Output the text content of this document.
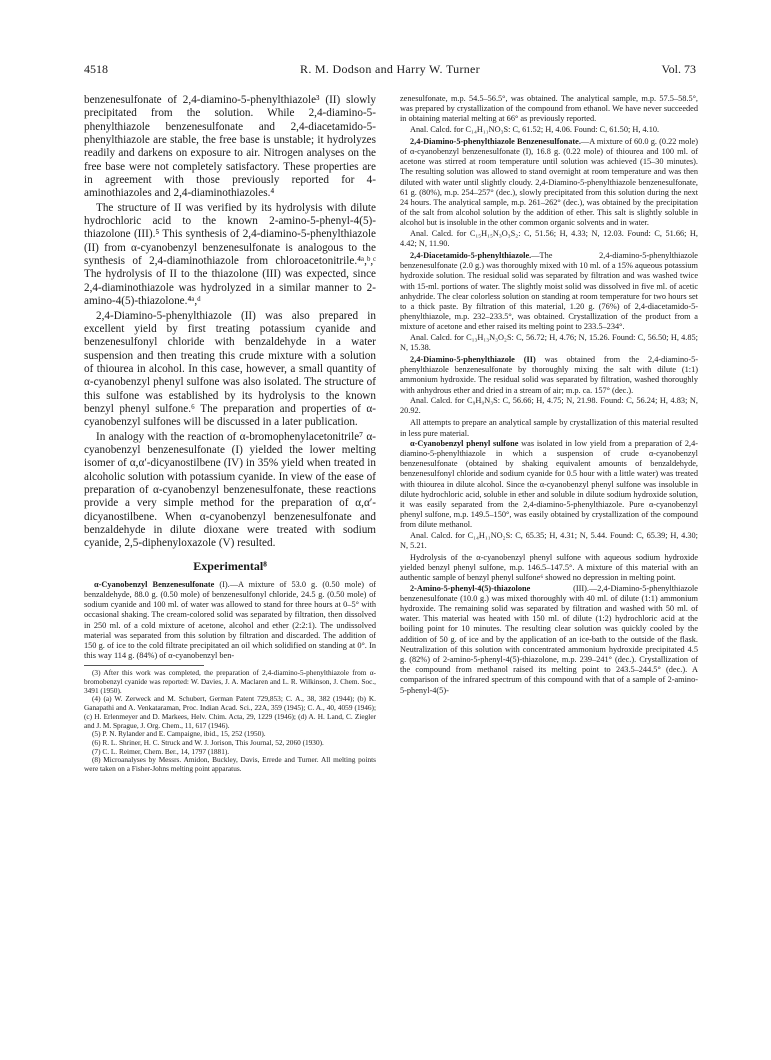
4518	R. M. Dodson and Harry W. Turner	Vol. 73

benzenesulfonate of 2,4-diamino-5-phenylthiazole³ (II) slowly precipitated from the solution. While 2,4-diamino-5-phenylthiazole benzenesulfonate and 2,4-diacetamido-5-phenylthiazole are stable, the free base is unstable; it hydrolyzes readily and darkens on exposure to air. Nitrogen analyses on the free base were not completely satisfactory. These properties are in agreement with those previously reported for 4-aminothiazoles and 2,4-diaminothiazoles.⁴

The structure of II was verified by its hydrolysis with dilute hydrochloric acid to the known 2-amino-5-phenyl-4(5)-thiazolone (III).⁵ This synthesis of 2,4-diamino-5-phenylthiazole (II) from α-cyanobenzyl benzenesulfonate is analogous to the synthesis of 2,4-diaminothiazole from chloroacetonitrile.⁴ᵃ,ᵇ,ᶜ The hydrolysis of II to the thiazolone (III) was expected, since 2,4-diaminothiazole was hydrolyzed in a similar manner to 2-amino-4(5)-thiazolone.⁴ᵃ,ᵈ

2,4-Diamino-5-phenylthiazole (II) was also prepared in excellent yield by first treating potassium cyanide and benzenesulfonyl chloride with benzaldehyde in a water suspension and then treating this crude mixture with a solution of thiourea in alcohol. In this case, however, a small quantity of α-cyanobenzyl phenyl sulfone was also isolated. The structure of this sulfone was established by its hydrolysis to the known benzyl phenyl sulfone.⁶ The preparation and properties of α-cyanobenzyl sulfones will be discussed in a later publication.

In analogy with the reaction of α-bromophenylacetonitrile⁷ α-cyanobenzyl benzenesulfonate (I) yielded the lower melting isomer of α,α′-dicyanostilbene (IV) in 35% yield when treated in alcoholic solution with potassium cyanide. In view of the ease of preparation of α-cyanobenzyl benzenesulfonate, these reactions provide a very simple method for the preparation of α,α′-dicyanostilbene. When α-cyanobenzyl benzenesulfonate and benzaldehyde in dilute dioxane were treated with sodium cyanide, 2,5-diphenyloxazole (V) resulted.

Experimental⁸

α-Cyanobenzyl Benzenesulfonate (I).—A mixture of 53.0 g. (0.50 mole) of benzaldehyde, 88.0 g. (0.50 mole) of benzenesulfonyl chloride, 24.5 g. (0.50 mole) of sodium cyanide and 100 ml. of water was allowed to stand for three hours at 0–5° with occasional shaking. The cream-colored solid was separated by filtration, then dissolved in 250 ml. of a cold mixture of acetone, alcohol and ether (2:2:1). The undissolved material was separated from this solution by filtration and discarded. The addition of 150 g. of ice to the cold filtrate precipitated an oil which solidified on standing at 0°. In this way 114 g. (84%) of α-cyanobenzyl ben-

(3) After this work was completed, the preparation of 2,4-diamino-5-phenylthiazole from α-bromobenzyl cyanide was reported: W. Davies, J. A. Maclaren and L. R. Wilkinson, J. Chem. Soc., 3491 (1950).

(4) (a) W. Zerweck and M. Schubert, German Patent 729,853; C. A., 38, 382 (1944); (b) K. Ganapathi and A. Venkataraman, Proc. Indian Acad. Sci., 22A, 359 (1945); C. A., 40, 4059 (1946); (c) H. Erlenmeyer and D. Markees, Helv. Chim. Acta, 29, 1229 (1946); (d) A. H. Land, C. Ziegler and J. M. Sprague, J. Org. Chem., 11, 617 (1946).

(5) P. N. Rylander and E. Campaigne, ibid., 15, 252 (1950).

(6) R. L. Shriner, H. C. Struck and W. J. Jorison, This Journal, 52, 2060 (1930).

(7) C. L. Reimer, Chem. Ber., 14, 1797 (1881).

(8) Microanalyses by Messrs. Amidon, Buckley, Davis, Errede and Turner. All melting points were taken on a Fisher-Johns melting point apparatus.

zenesulfonate, m.p. 54.5–56.5°, was obtained. The analytical sample, m.p. 57.5–58.5°, was prepared by crystallization of the compound from ethanol. We have never succeeded in obtaining material melting at 66° as previously reported.

Anal. Calcd. for C₁₄H₁₁NO₃S: C, 61.52; H, 4.06. Found: C, 61.50; H, 4.10.

2,4-Diamino-5-phenylthiazole Benzenesulfonate.—A mixture of 60.0 g. (0.22 mole) of α-cyanobenzyl benzenesulfonate (I), 16.8 g. (0.22 mole) of thiourea and 100 ml. of acetone was stirred at room temperature until solution was achieved (15–30 minutes). The resulting solution was allowed to stand overnight at room temperature and was then diluted with water until slightly cloudy. 2,4-Diamino-5-phenylthiazole benzenesulfonate, 61 g. (80%), m.p. 254–257° (dec.), slowly precipitated from this solution during the next 24 hours. The analytical sample, m.p. 261–262° (dec.), was obtained by the precipitation of the salt from alcohol solution by the addition of ether. This salt is slightly soluble in alcohol but is insoluble in the other common organic solvents and in water.

Anal. Calcd. for C₁₅H₁₅N₃O₃S₂: C, 51.56; H, 4.33; N, 12.03. Found: C, 51.66; H, 4.42; N, 11.90.

2,4-Diacetamido-5-phenylthiazole.—The 2,4-diamino-5-phenylthiazole benzenesulfonate (2.0 g.) was thoroughly mixed with 10 ml. of a 15% aqueous potassium hydroxide solution. The residual solid was separated by filtration and was washed twice with 15-ml. portions of water. The slightly moist solid was dissolved in five ml. of acetic anhydride. The clear colorless solution on standing at room temperature for two hours set to a thick paste. By filtration of this material, 1.20 g. (76%) of 2,4-diacetamido-5-phenylthiazole, m.p. 232–233.5°, was obtained. Crystallization of the product from a mixture of acetone and ether raised its melting point to 233.5–234°.

Anal. Calcd. for C₁₃H₁₃N₃O₂S: C, 56.72; H, 4.76; N, 15.26. Found: C, 56.50; H, 4.85; N, 15.38.

2,4-Diamino-5-phenylthiazole (II) was obtained from the 2,4-diamino-5-phenylthiazole benzenesulfonate by thoroughly mixing the salt with dilute (1:1) ammonium hydroxide. The residual solid was separated by filtration, washed thoroughly with anhydrous ether and dried in a stream of air; m.p. ca. 157° (dec.).

Anal. Calcd. for C₉H₉N₃S: C, 56.66; H, 4.75; N, 21.98. Found: C, 56.24; H, 4.83; N, 20.92.

All attempts to prepare an analytical sample by crystallization of this material resulted in less pure material.

α-Cyanobenzyl phenyl sulfone was isolated in low yield from a preparation of 2,4-diamino-5-phenylthiazole in which a suspension of crude α-cyanobenzyl benzenesulfonate (obtained by shaking equivalent amounts of benzaldehyde, benzenesulfonyl chloride and sodium cyanide for 0.5 hour with a little water) was treated with thiourea in dilute alcohol. Since the α-cyanobenzyl phenyl sulfone was insoluble in dilute hydrochloric acid, soluble in ether and soluble in dilute sodium hydroxide solution, it was easily separated from the 2,4-diamino-5-phenylthiazole. Pure α-cyanobenzyl phenyl sulfone, m.p. 149.5–150°, was easily obtained by crystallization of the compound from dilute methanol.

Anal. Calcd. for C₁₄H₁₁NO₂S: C, 65.35; H, 4.31; N, 5.44. Found: C, 65.39; H, 4.30; N, 5.21.

Hydrolysis of the α-cyanobenzyl phenyl sulfone with aqueous sodium hydroxide yielded benzyl phenyl sulfone, m.p. 146.5–147.5°. A mixture of this material with an authentic sample of benzyl phenyl sulfone⁶ showed no depression in melting point.

2-Amino-5-phenyl-4(5)-thiazolone (III).—2,4-Diamino-5-phenylthiazole benzenesulfonate (10.0 g.) was mixed thoroughly with 40 ml. of dilute (1:1) ammonium hydroxide. The remaining solid was separated by filtration and washed with 50 ml. of water. This material was heated with 150 ml. of dilute (1:2) hydrochloric acid at the boiling point for 10 minutes. The resulting clear solution was quickly cooled by the addition of 50 g. of ice and by the application of an ice-bath to the outside of the flask. Neutralization of this solution with concentrated ammonium hydroxide precipitated 4.5 g. (82%) of 2-amino-5-phenyl-4(5)-thiazolone, m.p. 239–241° (dec.). Crystallization of the compound from methanol raised its melting point to 243.5–244.5° (dec.). A comparison of the infrared spectrum of this compound with that of a sample of 2-amino-5-phenyl-4(5)-
